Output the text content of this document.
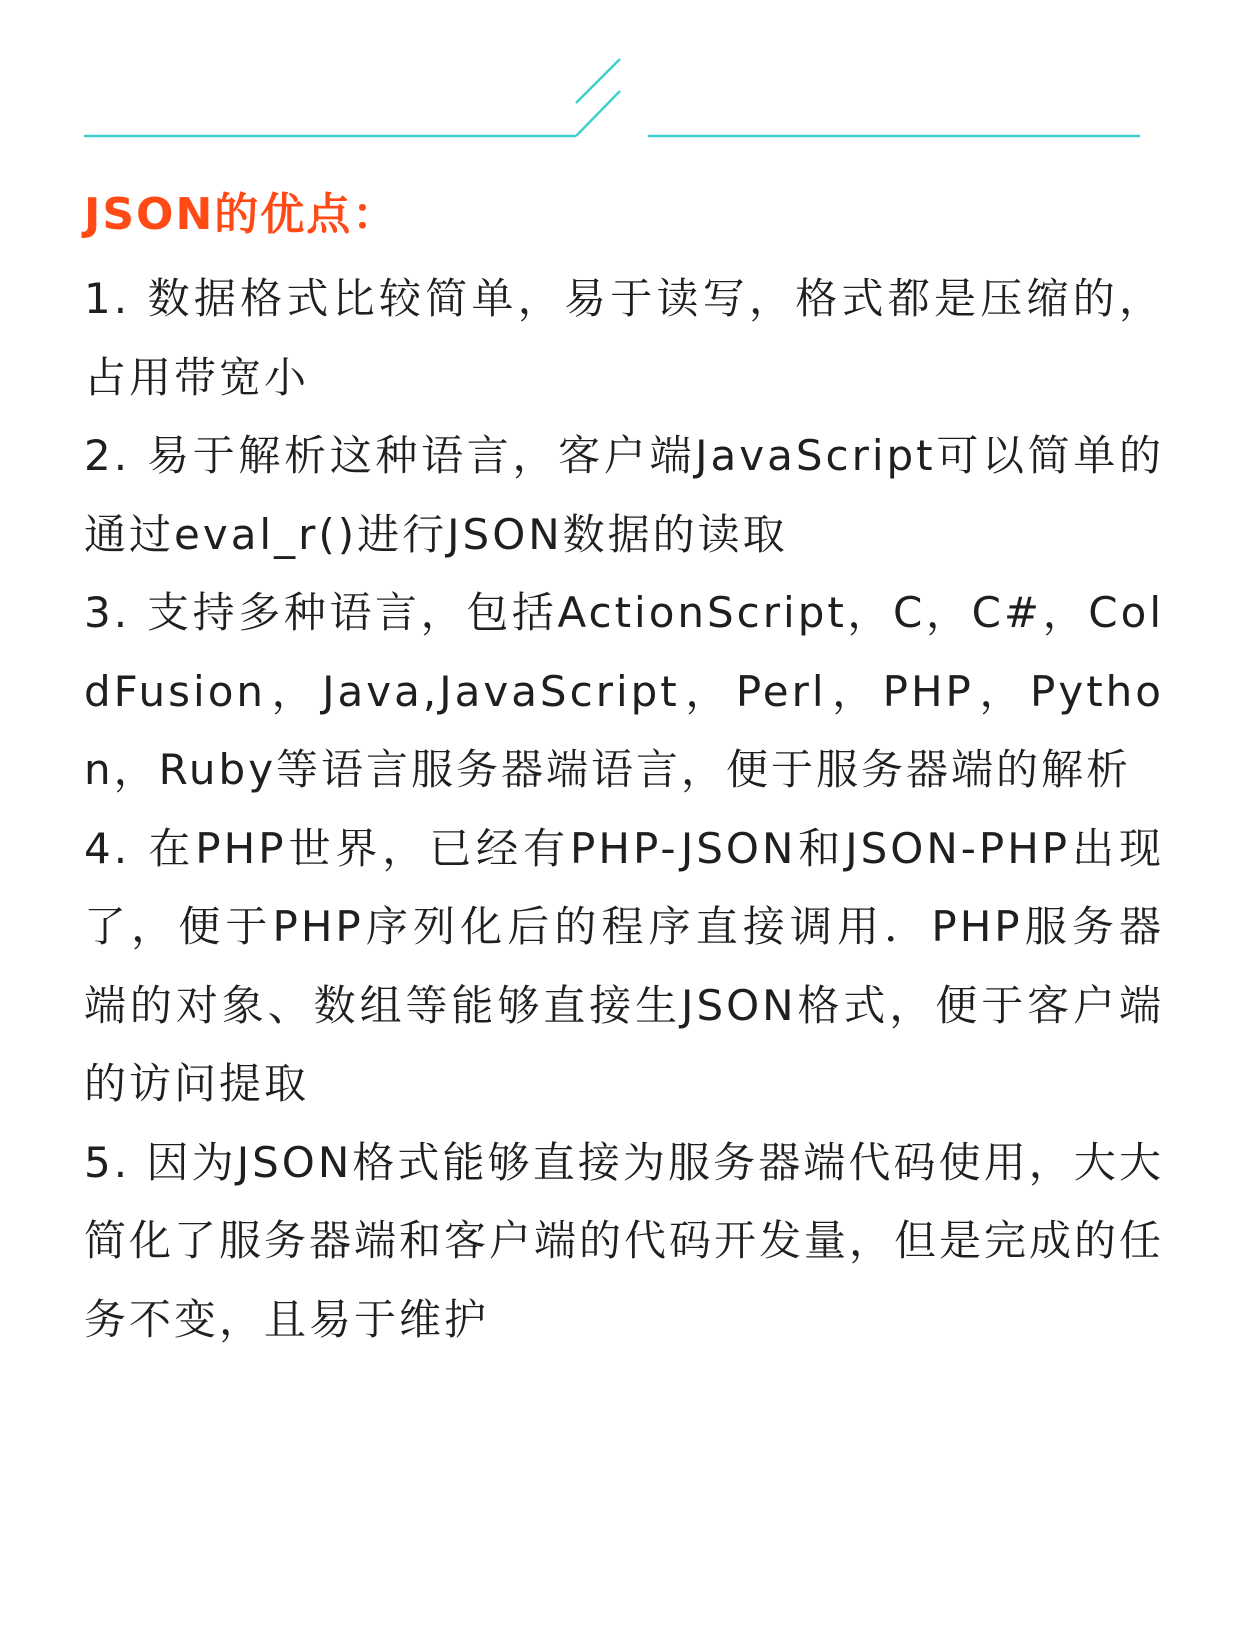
JSON的优点：

1. 数据格式比较简单，易于读写，格式都是压缩的，占用带宽小

2. 易于解析这种语言，客户端JavaScript可以简单的通过eval_r()进行JSON数据的读取

3. 支持多种语言，包括ActionScript，C，C#，ColdFusion，Java,JavaScript，Perl，PHP，Python，Ruby等语言服务器端语言，便于服务器端的解析

4. 在PHP世界，已经有PHP-JSON和JSON-PHP出现了，便于PHP序列化后的程序直接调用．PHP服务器端的对象、数组等能够直接生JSON格式，便于客户端的访问提取

5. 因为JSON格式能够直接为服务器端代码使用，大大简化了服务器端和客户端的代码开发量，但是完成的任务不变，且易于维护
